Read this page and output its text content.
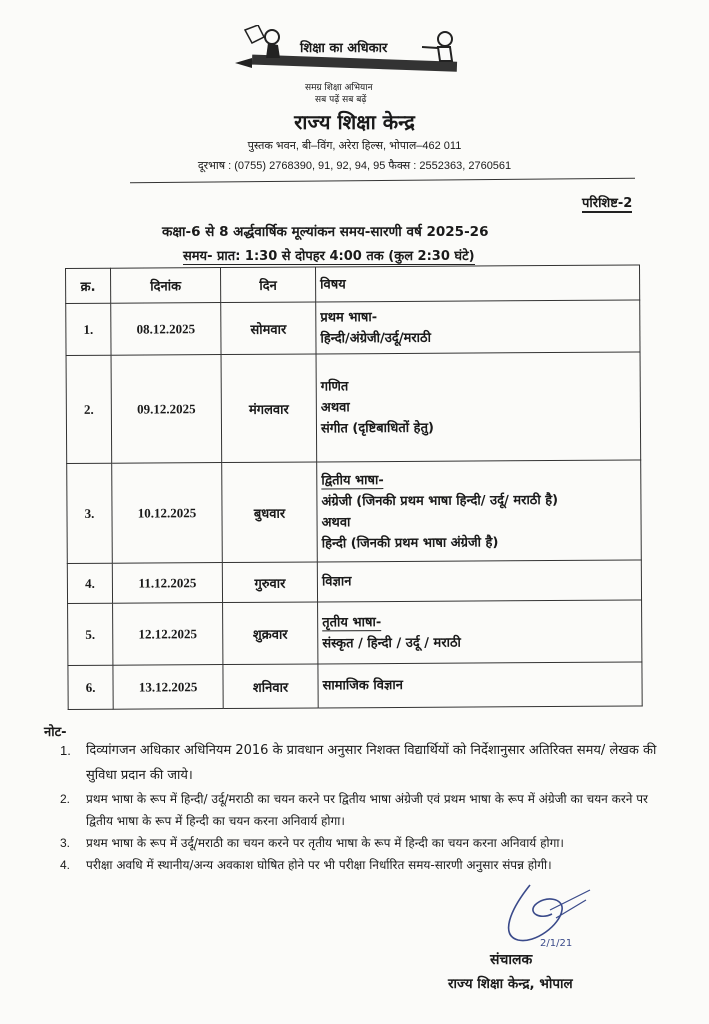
शिक्षा का अधिकार
समग्र शिक्षा अभियान
सब पढ़ें सब बढ़ें
राज्य शिक्षा केन्द्र
पुस्तक भवन, बी–विंग, अरेरा हिल्स, भोपाल–462 011
दूरभाष : (0755) 2768390, 91, 92, 94, 95 फैक्स : 2552363, 2760561
परिशिष्ट-2
कक्षा-6 से 8 अर्द्धवार्षिक मूल्यांकन समय-सारणी वर्ष 2025-26
समय- प्रात: 1:30 से दोपहर 4:00 तक (कुल 2:30 घंटे)
क्र.	दिनांक	दिन	विषय
1.	08.12.2025	सोमवार	प्रथम भाषा-
हिन्दी/अंग्रेजी/उर्दू/मराठी

2.	09.12.2025	मंगलवार	गणित
अथवा
संगीत (दृष्टिबाधितों हेतु)

3.	10.12.2025	बुधवार	द्वितीय भाषा-
अंग्रेजी (जिनकी प्रथम भाषा हिन्दी/ उर्दू/ मराठी है)
अथवा
हिन्दी (जिनकी प्रथम भाषा अंग्रेजी है)

4.	11.12.2025	गुरुवार	विज्ञान

5.	12.12.2025	शुक्रवार	तृतीय भाषा-
संस्कृत / हिन्दी / उर्दू / मराठी

6.	13.12.2025	शनिवार	सामाजिक विज्ञान
नोट-
1. दिव्यांगजन अधिकार अधिनियम 2016 के प्रावधान अनुसार निशक्त विद्यार्थियों को निर्देशानुसार अतिरिक्त समय/ लेखक की सुविधा प्रदान की जाये।
2. प्रथम भाषा के रूप में हिन्दी/ उर्दू/मराठी का चयन करने पर द्वितीय भाषा अंग्रेजी एवं प्रथम भाषा के रूप में अंग्रेजी का चयन करने पर द्वितीय भाषा के रूप में हिन्दी का चयन करना अनिवार्य होगा।
3. प्रथम भाषा के रूप में उर्दू/मराठी का चयन करने पर तृतीय भाषा के रूप में हिन्दी का चयन करना अनिवार्य होगा।
4. परीक्षा अवधि में स्थानीय/अन्य अवकाश घोषित होने पर भी परीक्षा निर्धारित समय-सारणी अनुसार संपन्न होगी।
2/1/21
संचालक
राज्य शिक्षा केन्द्र, भोपाल
